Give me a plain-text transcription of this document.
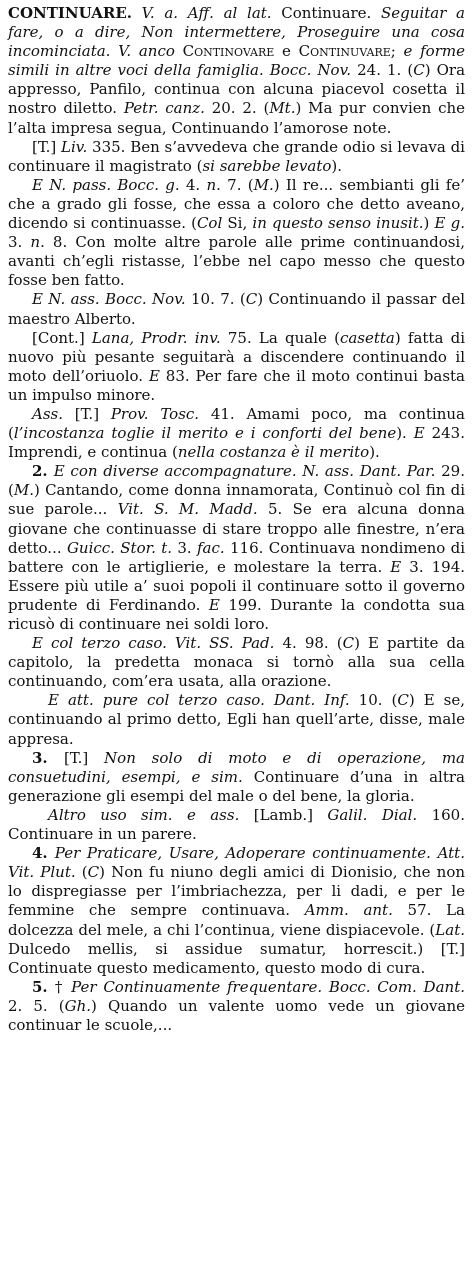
CONTINUARE. V. a. Aff. al lat. Continuare. Seguitar a fare, o a dire, Non intermettere, Proseguire una cosa incominciata. V. anco Continovare e Continuvare; e forme simili in altre voci della famiglia. Bocc. Nov. 24. 1. (C) Ora appresso, Panfilo, continua con alcuna piacevol cosetta il nostro diletto. Petr. canz. 20. 2. (Mt.) Ma pur convien che l’alta impresa segua, Continuando l’amorose note.

[T.] Liv. 335. Ben s’avvedeva che grande odio si levava di continuare il magistrato (si sarebbe levato).

E N. pass. Bocc. g. 4. n. 7. (M.) Il re... sembianti gli fe’ che a grado gli fosse, che essa a coloro che detto aveano, dicendo si continuasse. (Col Si, in questo senso inusit.) E g. 3. n. 8. Con molte altre parole alle prime continuandosi, avanti ch’egli ristasse, l’ebbe nel capo messo che questo fosse ben fatto.

E N. ass. Bocc. Nov. 10. 7. (C) Continuando il passar del maestro Alberto.

[Cont.] Lana, Prodr. inv. 75. La quale (casetta) fatta di nuovo più pesante seguitarà a discendere continuando il moto dell’oriuolo. E 83. Per fare che il moto continui basta un impulso minore.

Ass. [T.] Prov. Tosc. 41. Amami poco, ma continua (l’incostanza toglie il merito e i conforti del bene). E 243. Imprendi, e continua (nella costanza è il merito).

2. E con diverse accompagnature. N. ass. Dant. Par. 29. (M.) Cantando, come donna innamorata, Continuò col fin di sue parole... Vit. S. M. Madd. 5. Se era alcuna donna giovane che continuasse di stare troppo alle finestre, n’era detto... Guicc. Stor. t. 3. fac. 116. Continuava nondimeno di battere con le artiglierie, e molestare la terra. E 3. 194. Essere più utile a’ suoi popoli il continuare sotto il governo prudente di Ferdinando. E 199. Durante la condotta sua ricusò di continuare nei soldi loro.

E col terzo caso. Vit. SS. Pad. 4. 98. (C) E partite da capitolo, la predetta monaca si tornò alla sua cella continuando, com’era usata, alla orazione.

E att. pure col terzo caso. Dant. Inf. 10. (C) E se, continuando al primo detto, Egli han quell’arte, disse, male appresa.

3. [T.] Non solo di moto e di operazione, ma consuetudini, esempi, e sim. Continuare d’una in altra generazione gli esempi del male o del bene, la gloria.

Altro uso sim. e ass. [Lamb.] Galil. Dial. 160. Continuare in un parere.

4. Per Praticare, Usare, Adoperare continuamente. Att. Vit. Plut. (C) Non fu niuno degli amici di Dionisio, che non lo dispregiasse per l’imbriachezza, per li dadi, e per le femmine che sempre continuava. Amm. ant. 57. La dolcezza del mele, a chi l’continua, viene dispiacevole. (Lat. Dulcedo mellis, si assidue sumatur, horrescit.) [T.] Continuate questo medicamento, questo modo di cura.

5. † Per Continuamente frequentare. Bocc. Com. Dant. 2. 5. (Gh.) Quando un valente uomo vede un giovane continuar le scuole,...
